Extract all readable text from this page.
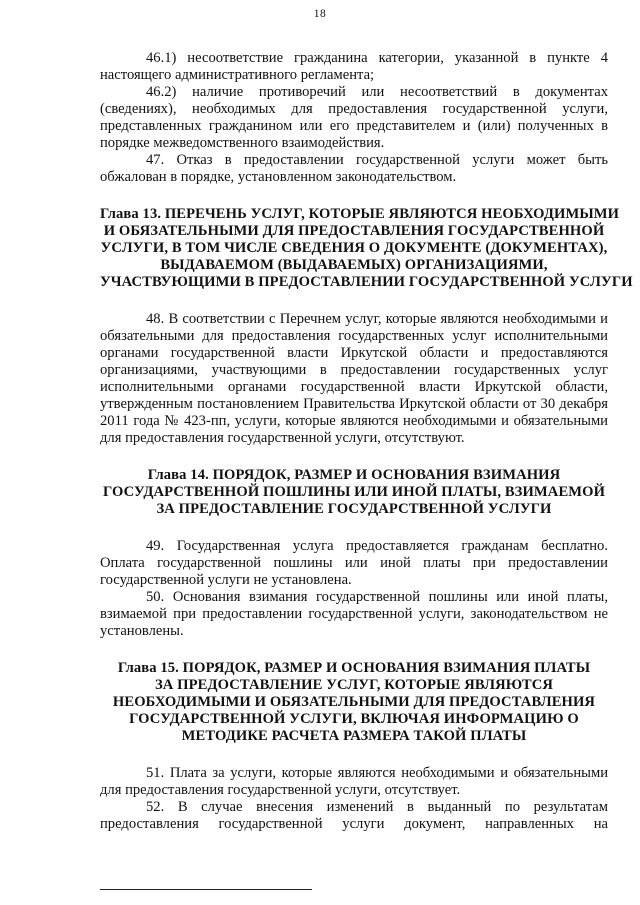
18

46.1) несоответствие гражданина категории, указанной в пункте 4 настоящего административного регламента;

46.2) наличие противоречий или несоответствий в документах (сведениях), необходимых для предоставления государственной услуги, представленных гражданином или его представителем и (или) полученных в порядке межведомственного взаимодействия.

47. Отказ в предоставлении государственной услуги может быть обжалован в порядке, установленном законодательством.

Глава 13. ПЕРЕЧЕНЬ УСЛУГ, КОТОРЫЕ ЯВЛЯЮТСЯ НЕОБХОДИМЫМИ
И ОБЯЗАТЕЛЬНЫМИ ДЛЯ ПРЕДОСТАВЛЕНИЯ ГОСУДАРСТВЕННОЙ
УСЛУГИ, В ТОМ ЧИСЛЕ СВЕДЕНИЯ О ДОКУМЕНТЕ (ДОКУМЕНТАХ),
ВЫДАВАЕМОМ (ВЫДАВАЕМЫХ) ОРГАНИЗАЦИЯМИ,
УЧАСТВУЮЩИМИ В ПРЕДОСТАВЛЕНИИ ГОСУДАРСТВЕННОЙ УСЛУГИ

48. В соответствии с Перечнем услуг, которые являются необходимыми и обязательными для предоставления государственных услуг исполнительными органами государственной власти Иркутской области и предоставляются организациями, участвующими в предоставлении государственных услуг исполнительными органами государственной власти Иркутской области, утвержденным постановлением Правительства Иркутской области от 30 декабря 2011 года № 423-пп, услуги, которые являются необходимыми и обязательными для предоставления государственной услуги, отсутствуют.

Глава 14. ПОРЯДОК, РАЗМЕР И ОСНОВАНИЯ ВЗИМАНИЯ
ГОСУДАРСТВЕННОЙ ПОШЛИНЫ ИЛИ ИНОЙ ПЛАТЫ, ВЗИМАЕМОЙ
ЗА ПРЕДОСТАВЛЕНИЕ ГОСУДАРСТВЕННОЙ УСЛУГИ

49. Государственная услуга предоставляется гражданам бесплатно. Оплата государственной пошлины или иной платы при предоставлении государственной услуги не установлена.

50. Основания взимания государственной пошлины или иной платы, взимаемой при предоставлении государственной услуги, законодательством не установлены.

Глава 15. ПОРЯДОК, РАЗМЕР И ОСНОВАНИЯ ВЗИМАНИЯ ПЛАТЫ
ЗА ПРЕДОСТАВЛЕНИЕ УСЛУГ, КОТОРЫЕ ЯВЛЯЮТСЯ
НЕОБХОДИМЫМИ И ОБЯЗАТЕЛЬНЫМИ ДЛЯ ПРЕДОСТАВЛЕНИЯ
ГОСУДАРСТВЕННОЙ УСЛУГИ, ВКЛЮЧАЯ ИНФОРМАЦИЮ О
МЕТОДИКЕ РАСЧЕТА РАЗМЕРА ТАКОЙ ПЛАТЫ

51. Плата за услуги, которые являются необходимыми и обязательными для предоставления государственной услуги, отсутствует.

52. В случае внесения изменений в выданный по результатам предоставления государственной услуги документ, направленных на
